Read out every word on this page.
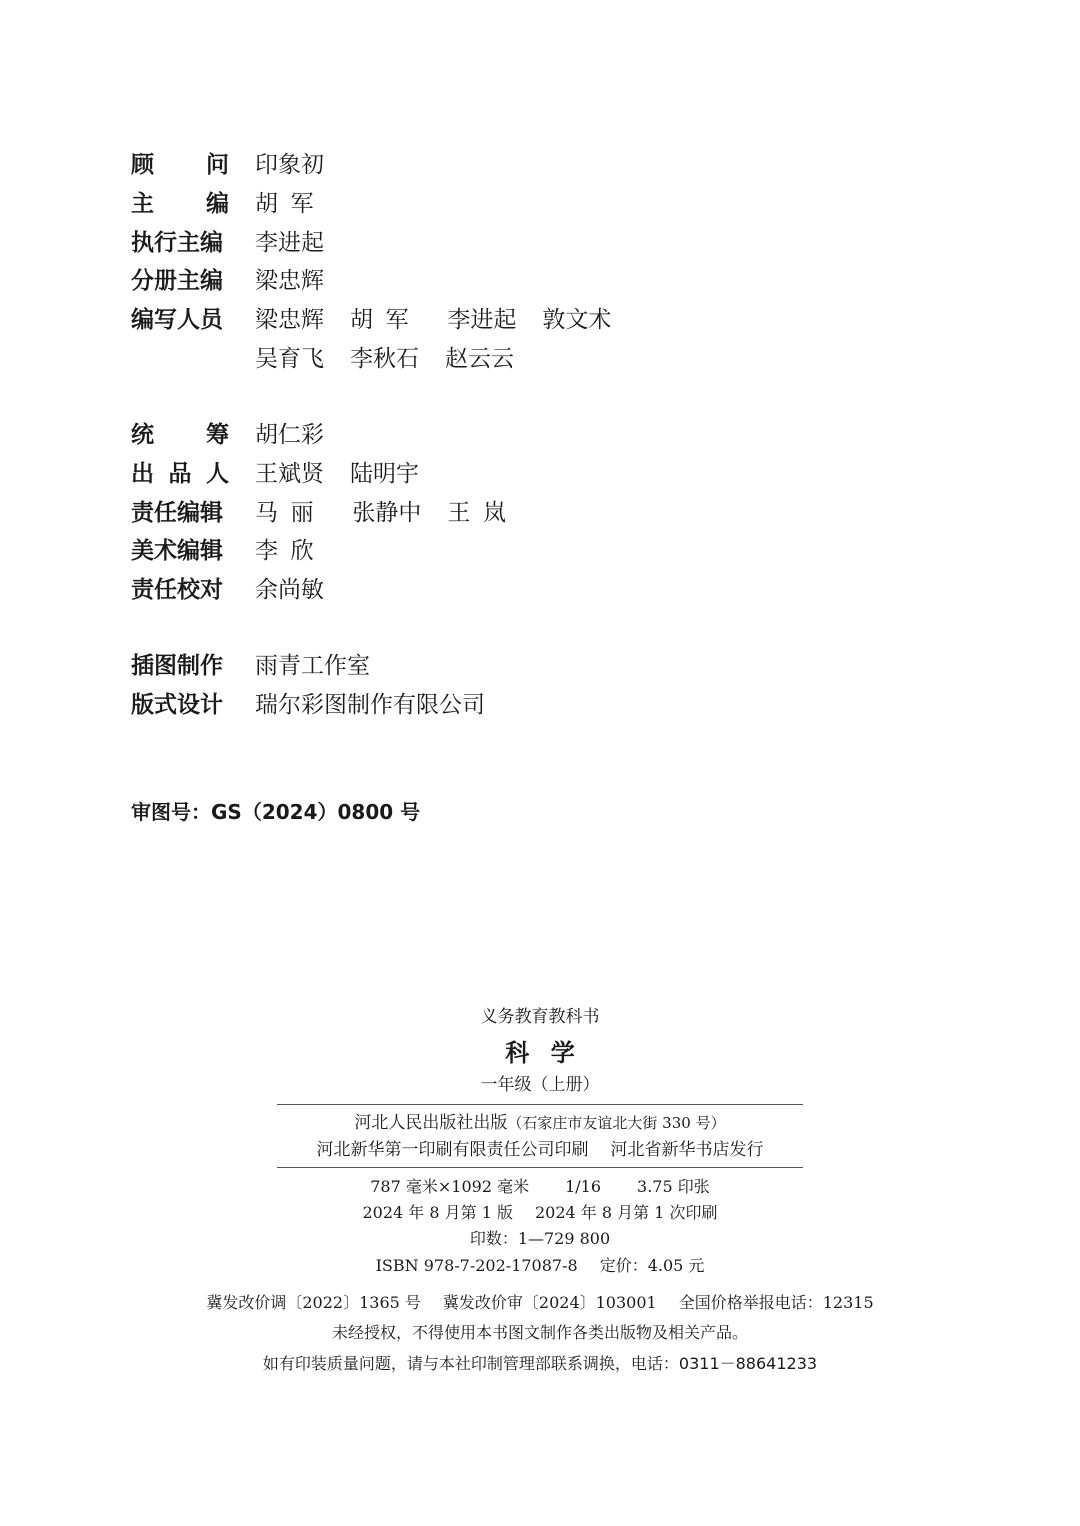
顾 问 印象初
主 编 胡军
执行主编 李进起
分册主编 梁忠辉
编写人员 梁忠辉 胡军 李进起 敦文术
吴育飞 李秋石 赵云云
统 筹 胡仁彩
出 品 人 王斌贤 陆明宇
责任编辑 马丽 张静中 王岚
美术编辑 李欣
责任校对 余尚敏
插图制作 雨青工作室
版式设计 瑞尔彩图制作有限公司
审图号：GS（2024）0800 号
义务教育教科书
科学
一年级（上册）
河北人民出版社出版（石家庄市友谊北大街 330 号）
河北新华第一印刷有限责任公司印刷 河北省新华书店发行
787 毫米×1092 毫米 1/16 3.75 印张
2024 年 8 月第 1 版 2024 年 8 月第 1 次印刷
印数：1—729 800
ISBN 978-7-202-17087-8 定价：4.05 元
冀发改价调〔2022〕1365 号 冀发改价审〔2024〕103001 全国价格举报电话：12315
未经授权，不得使用本书图文制作各类出版物及相关产品。
如有印装质量问题，请与本社印制管理部联系调换，电话：0311－88641233
